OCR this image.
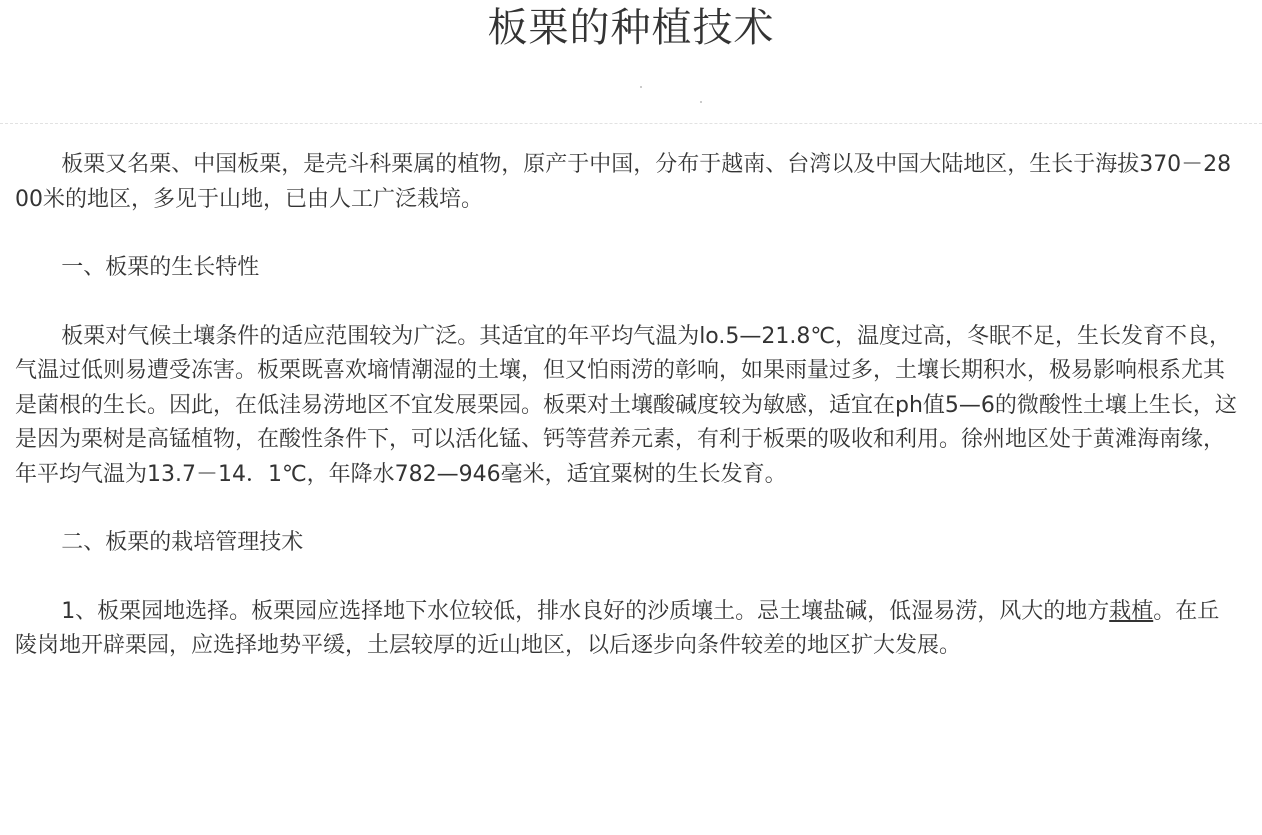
板栗的种植技术

板栗又名栗、中国板栗，是壳斗科栗属的植物，原产于中国，分布于越南、台湾以及中国大陆地区，生长于海拔370－2800米的地区，多见于山地，已由人工广泛栽培。

一、板栗的生长特性

板栗对气候土壤条件的适应范围较为广泛。其适宜的年平均气温为lo.5—21.8℃，温度过高，冬眠不足，生长发育不良，气温过低则易遭受冻害。板栗既喜欢墒情潮湿的土壤，但又怕雨涝的彰响，如果雨量过多，土壤长期积水，极易影响根系尤其是菌根的生长。因此，在低洼易涝地区不宜发展栗园。板栗对土壤酸碱度较为敏感，适宜在ph值5—6的微酸性土壤上生长，这是因为栗树是高锰植物，在酸性条件下，可以活化锰、钙等营养元素，有利于板栗的吸收和利用。徐州地区处于黄滩海南缘，年平均气温为13.7－14．1℃，年降水782—946毫米，适宜粟树的生长发育。

二、板栗的栽培管理技术

1、板栗园地选择。板栗园应选择地下水位较低，排水良好的沙质壤土。忌土壤盐碱，低湿易涝，风大的地方栽植。在丘陵岗地开辟栗园，应选择地势平缓，土层较厚的近山地区，以后逐步向条件较差的地区扩大发展。
